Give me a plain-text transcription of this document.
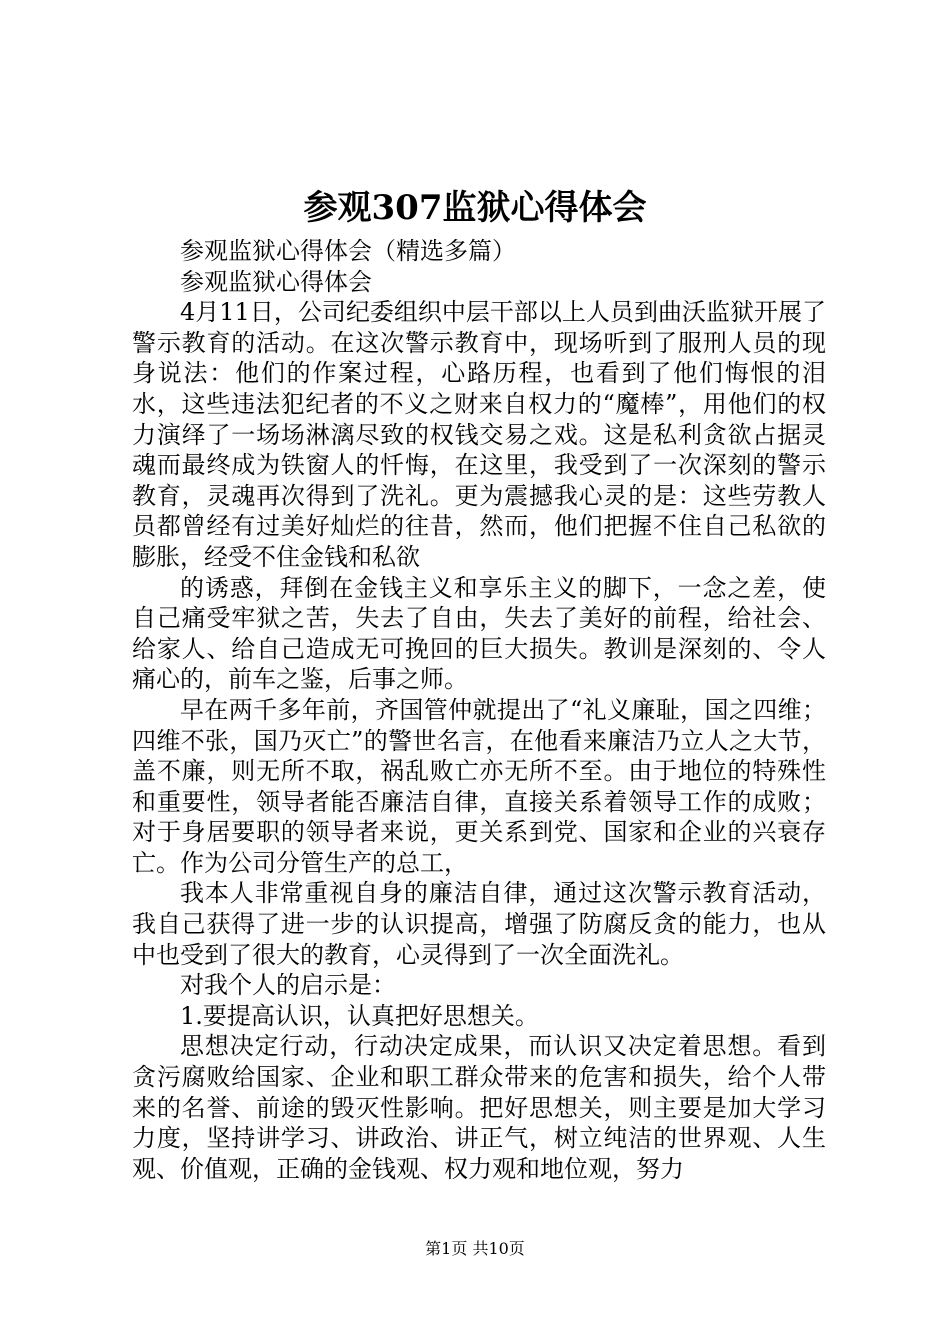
参观307监狱心得体会

参观监狱心得体会（精选多篇）

参观监狱心得体会

4月11日，公司纪委组织中层干部以上人员到曲沃监狱开展了警示教育的活动。在这次警示教育中，现场听到了服刑人员的现身说法：他们的作案过程，心路历程，也看到了他们悔恨的泪水，这些违法犯纪者的不义之财来自权力的“魔棒”，用他们的权力演绎了一场场淋漓尽致的权钱交易之戏。这是私利贪欲占据灵魂而最终成为铁窗人的忏悔，在这里，我受到了一次深刻的警示教育，灵魂再次得到了洗礼。更为震撼我心灵的是：这些劳教人员都曾经有过美好灿烂的往昔，然而，他们把握不住自己私欲的膨胀，经受不住金钱和私欲

的诱惑，拜倒在金钱主义和享乐主义的脚下，一念之差，使自己痛受牢狱之苦，失去了自由，失去了美好的前程，给社会、给家人、给自己造成无可挽回的巨大损失。教训是深刻的、令人痛心的，前车之鉴，后事之师。

早在两千多年前，齐国管仲就提出了“礼义廉耻，国之四维；四维不张，国乃灭亡”的警世名言，在他看来廉洁乃立人之大节，盖不廉，则无所不取，祸乱败亡亦无所不至。由于地位的特殊性和重要性，领导者能否廉洁自律，直接关系着领导工作的成败；对于身居要职的领导者来说，更关系到党、国家和企业的兴衰存亡。作为公司分管生产的总工，

我本人非常重视自身的廉洁自律，通过这次警示教育活动，我自己获得了进一步的认识提高，增强了防腐反贪的能力，也从中也受到了很大的教育，心灵得到了一次全面洗礼。

对我个人的启示是：

1.要提高认识，认真把好思想关。

思想决定行动，行动决定成果，而认识又决定着思想。看到贪污腐败给国家、企业和职工群众带来的危害和损失，给个人带来的名誉、前途的毁灭性影响。把好思想关，则主要是加大学习力度，坚持讲学习、讲政治、讲正气，树立纯洁的世界观、人生观、价值观，正确的金钱观、权力观和地位观，努力

第1页 共10页
